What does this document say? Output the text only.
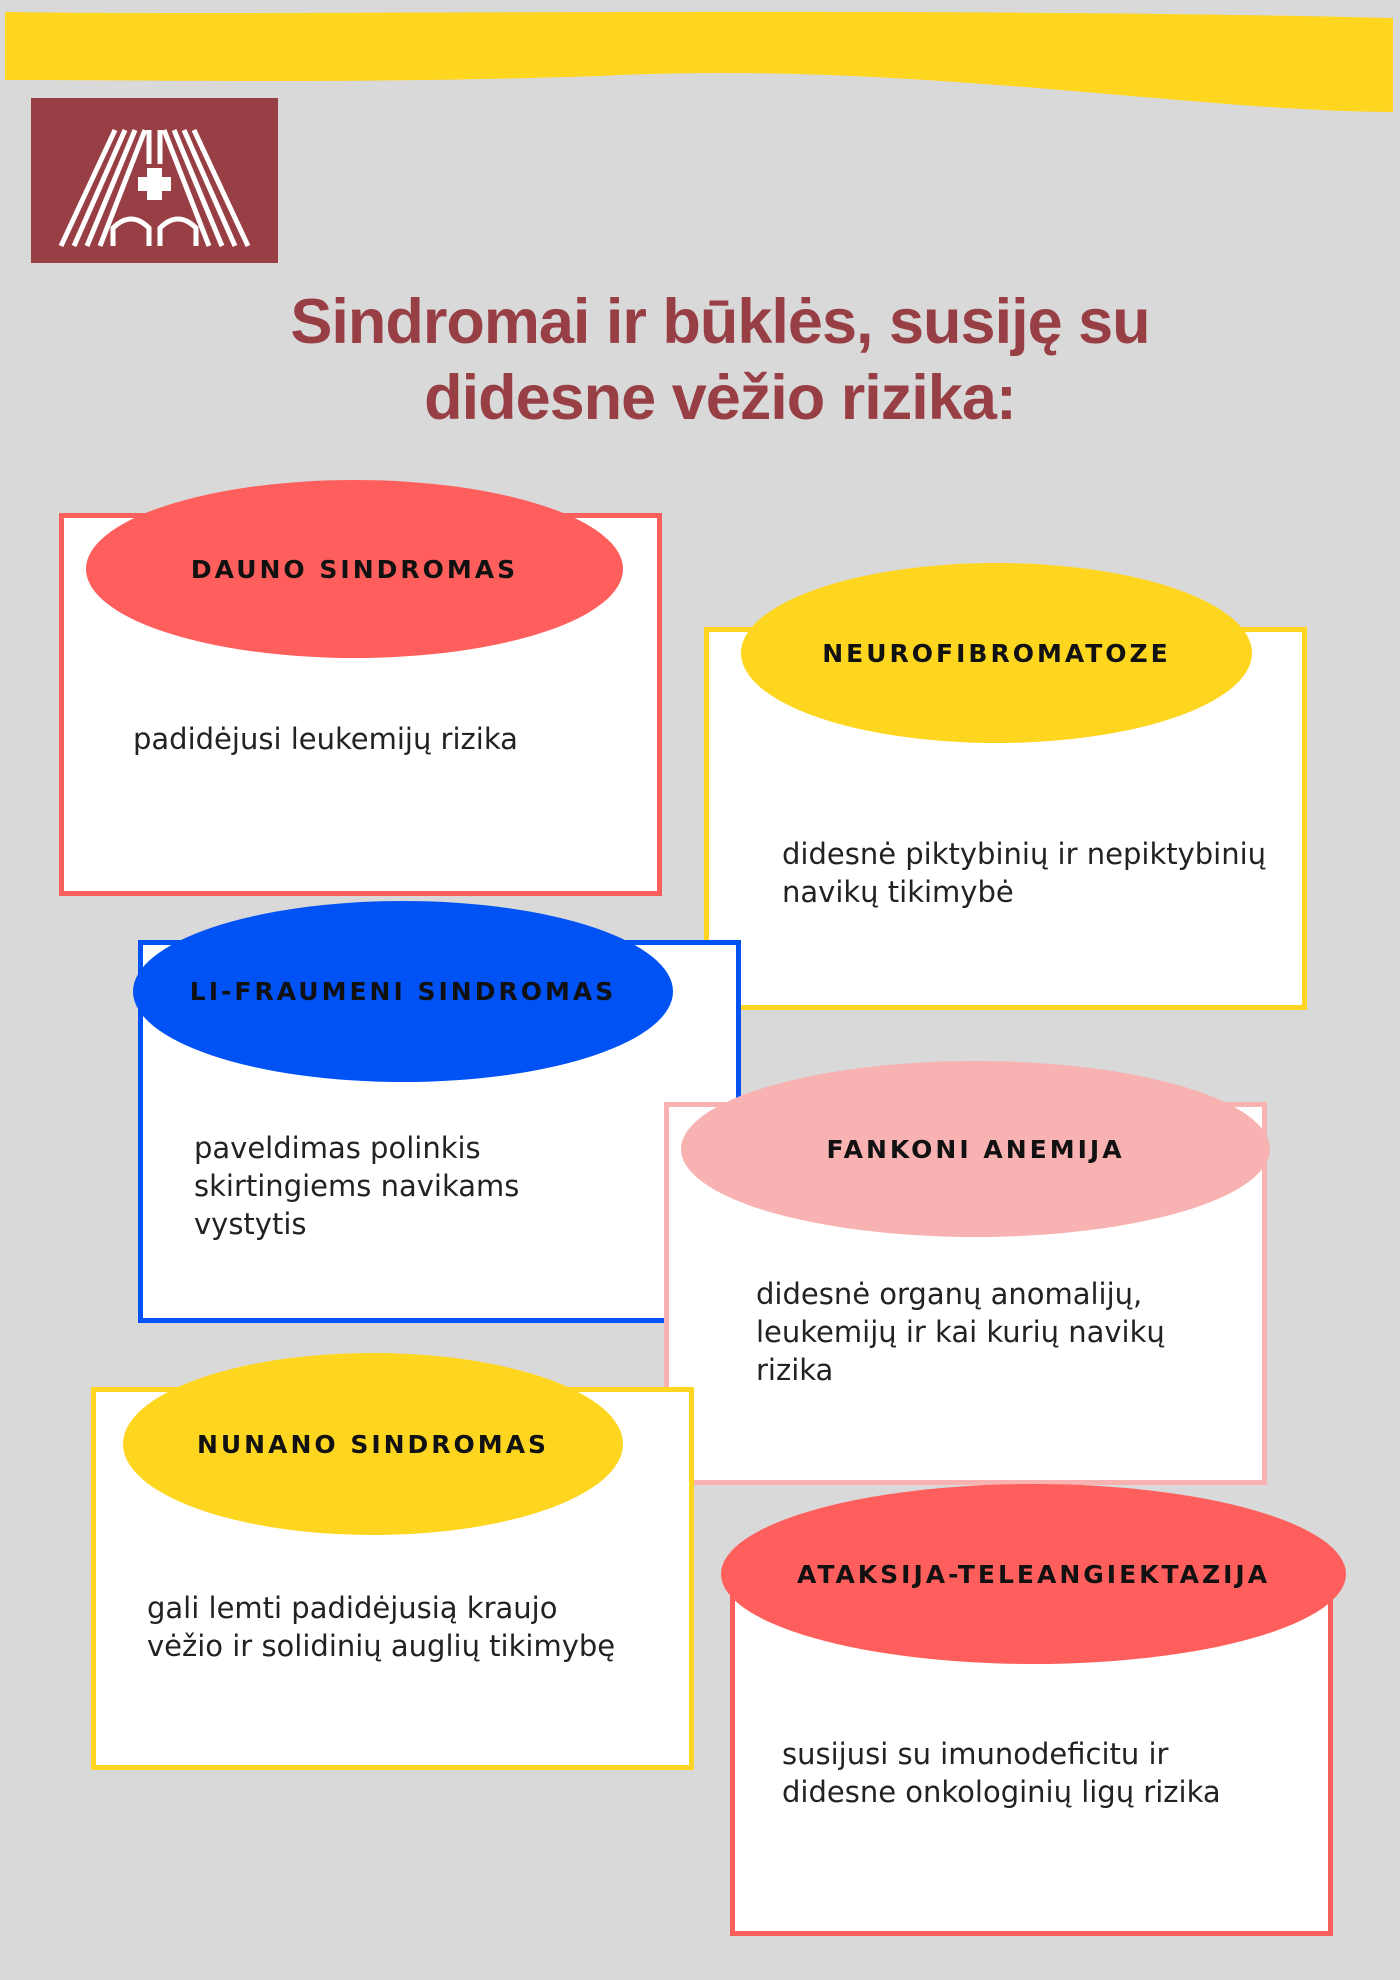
Sindromai ir būklės, susiję su
didesne vėžio rizika:
DAUNO SINDROMAS

padidėjusi leukemijų rizika

NEUROFIBROMATOZE

didesnė piktybinių ir nepiktybinių
navikų tikimybė

LI-FRAUMENI SINDROMAS

paveldimas polinkis
skirtingiems navikams
vystytis

FANKONI ANEMIJA

didesnė organų anomalijų,
leukemijų ir kai kurių navikų
rizika

NUNANO SINDROMAS

gali lemti padidėjusią kraujo
vėžio ir solidinių auglių tikimybę

ATAKSIJA-TELEANGIEKTAZIJA

susijusi su imunodeficitu ir
didesne onkologinių ligų rizika
